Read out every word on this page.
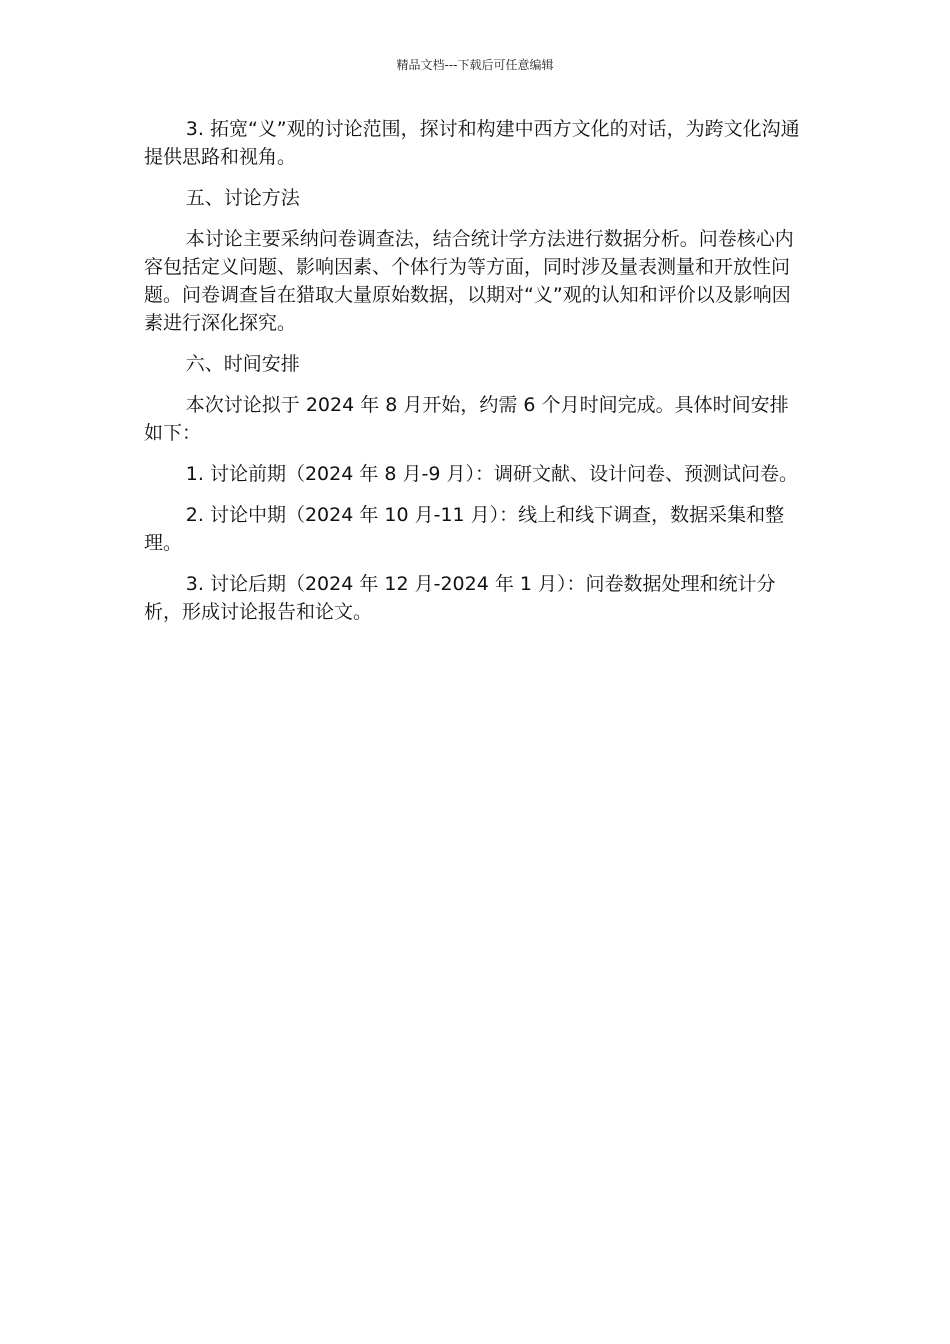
精品文档---下载后可任意编辑

3. 拓宽“义”观的讨论范围，探讨和构建中西方文化的对话，为跨文化沟通提供思路和视角。

五、讨论方法

本讨论主要采纳问卷调查法，结合统计学方法进行数据分析。问卷核心内容包括定义问题、影响因素、个体行为等方面，同时涉及量表测量和开放性问题。问卷调查旨在猎取大量原始数据，以期对“义”观的认知和评价以及影响因素进行深化探究。

六、时间安排

本次讨论拟于 2024 年 8 月开始，约需 6 个月时间完成。具体时间安排如下：

1. 讨论前期（2024 年 8 月-9 月）：调研文献、设计问卷、预测试问卷。

2. 讨论中期（2024 年 10 月-11 月）：线上和线下调查，数据采集和整理。

3. 讨论后期（2024 年 12 月-2024 年 1 月）：问卷数据处理和统计分析，形成讨论报告和论文。
